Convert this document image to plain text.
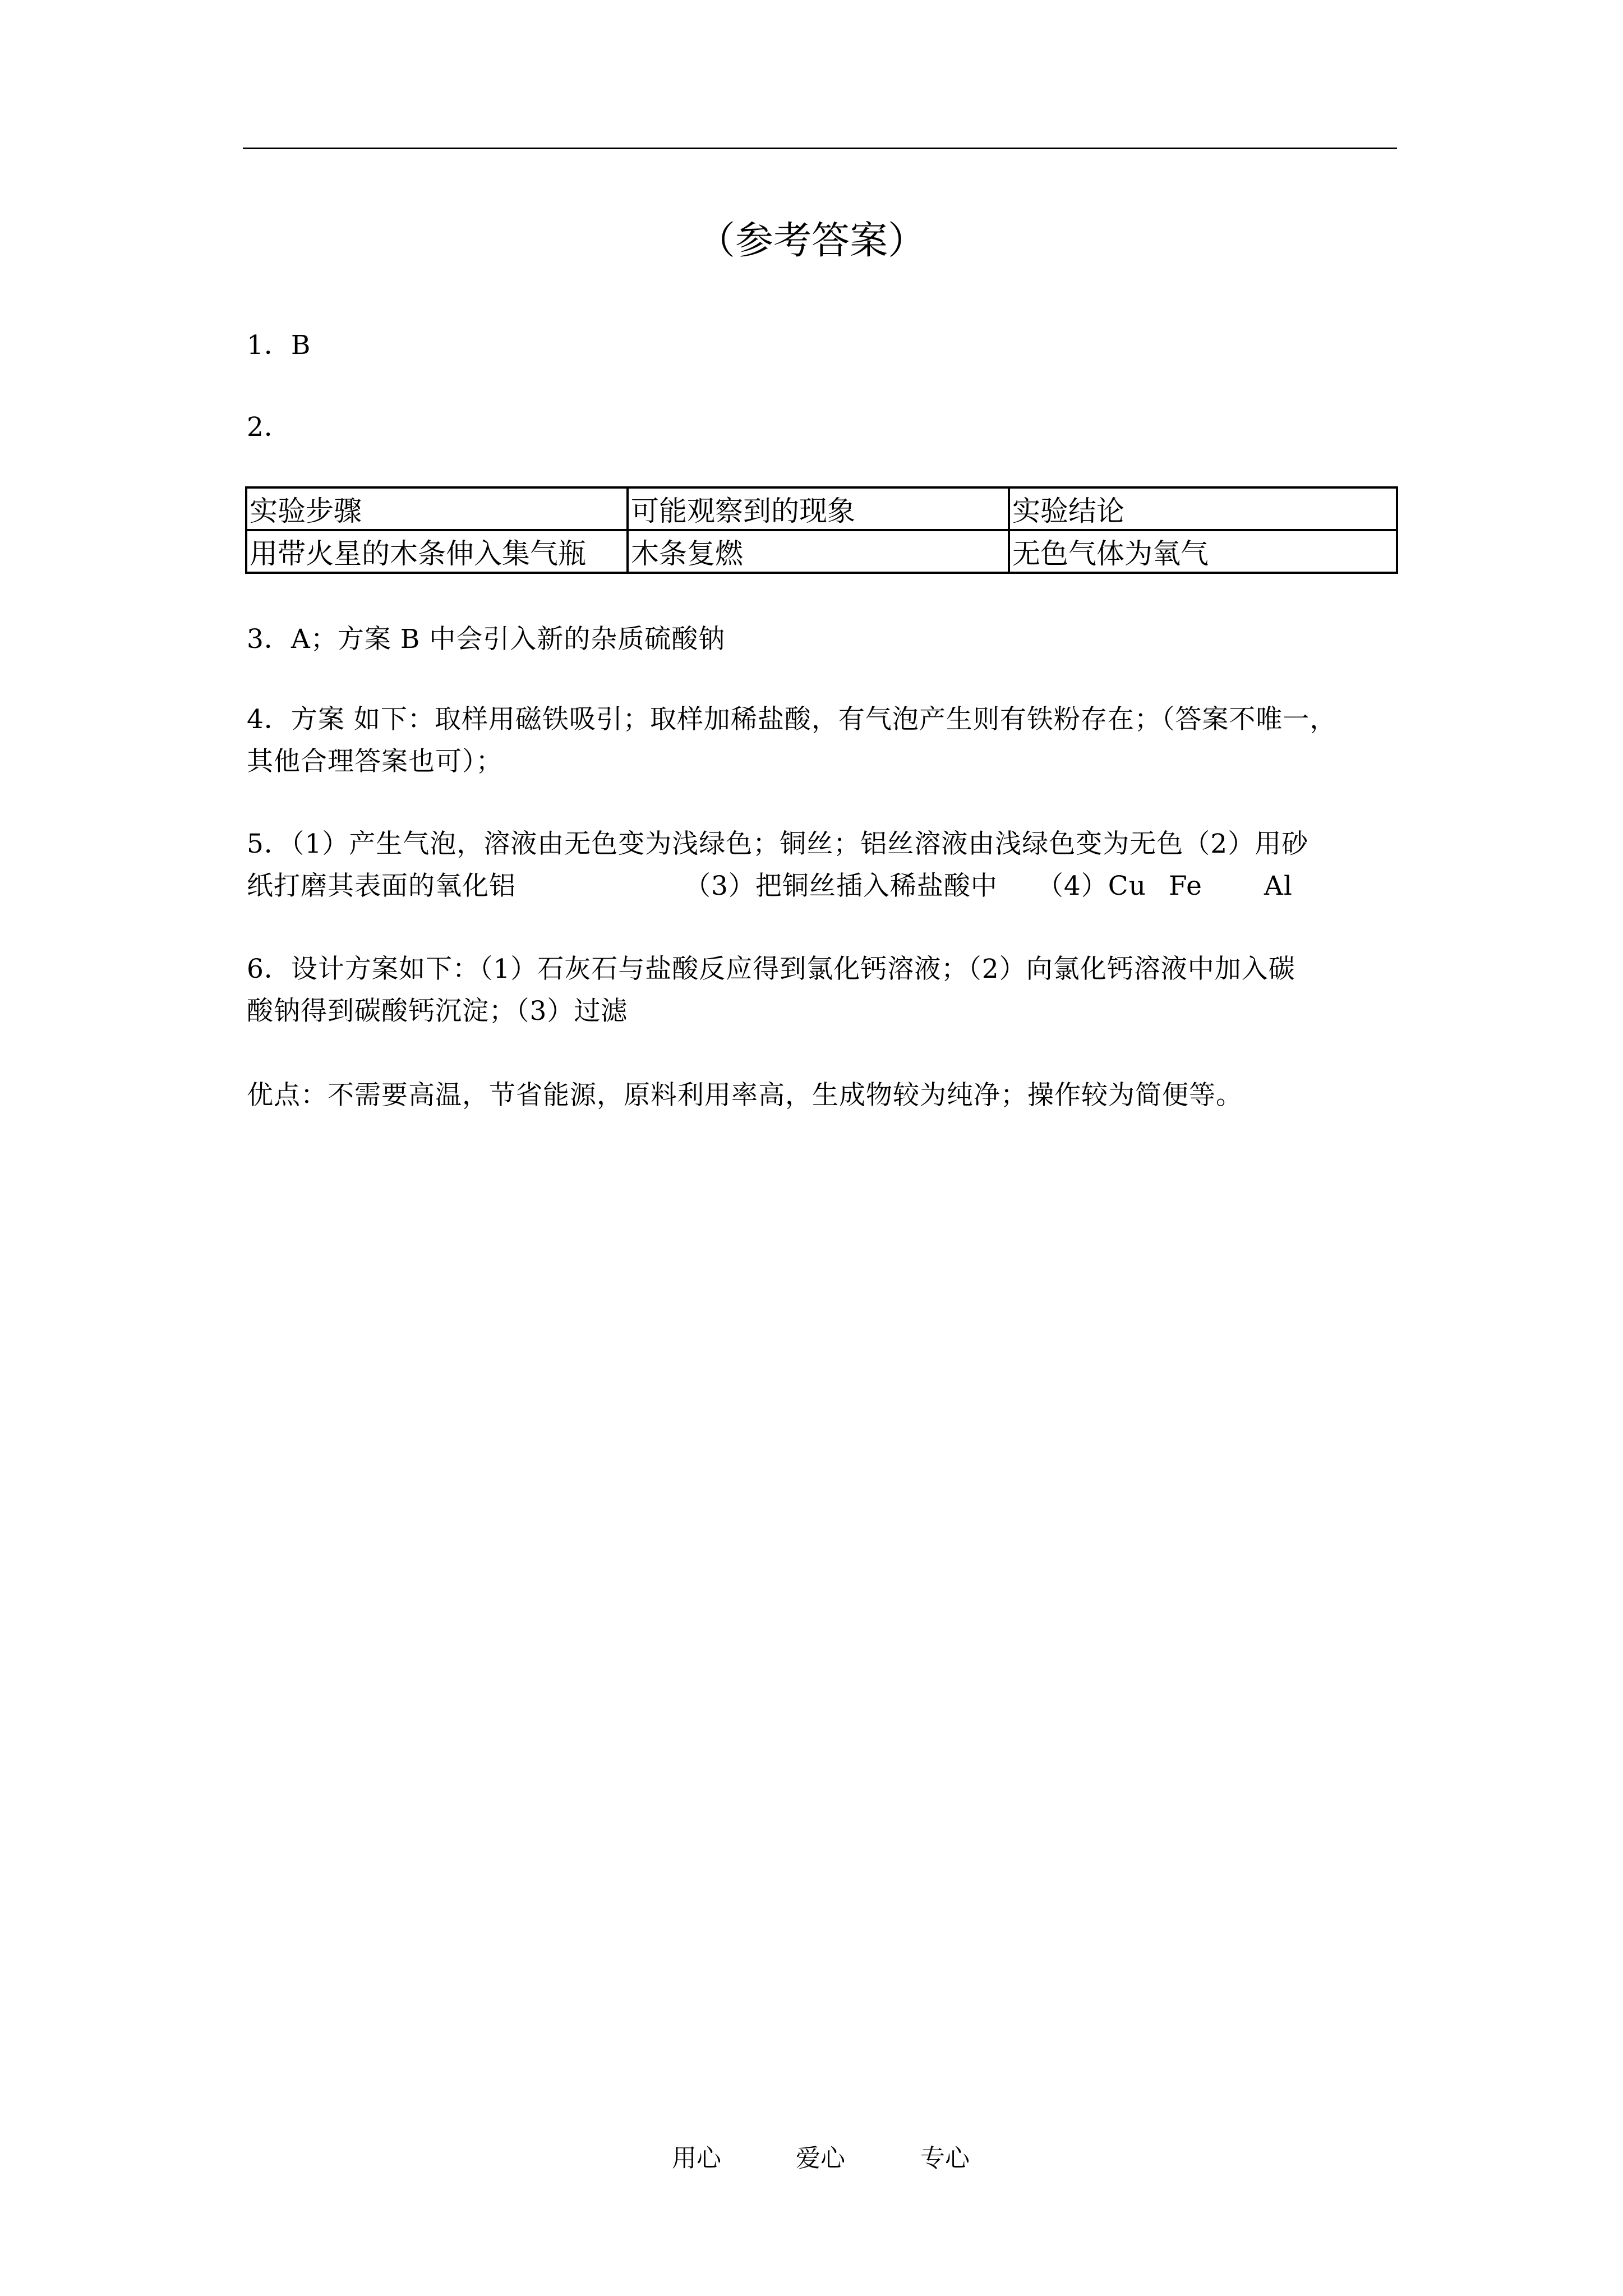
（参考答案）
1．B
2．
实验步骤	可能观察到的现象	实验结论
用带火星的木条伸入集气瓶	木条复燃	无色气体为氧气
3．A；方案 B 中会引入新的杂质硫酸钠
4．方案 如下：取样用磁铁吸引；取样加稀盐酸，有气泡产生则有铁粉存在；（答案不唯一，
其他合理答案也可）；
5．（1）产生气泡，溶液由无色变为浅绿色；铜丝；铝丝溶液由浅绿色变为无色（2）用砂
纸打磨其表面的氧化铝	（3）把铜丝插入稀盐酸中 （4）Cu Fe Al
6．设计方案如下：（1）石灰石与盐酸反应得到氯化钙溶液；（2）向氯化钙溶液中加入碳
酸钠得到碳酸钙沉淀；（3）过滤
优点：不需要高温，节省能源，原料利用率高，生成物较为纯净；操作较为简便等。
用心	爱心	专心
